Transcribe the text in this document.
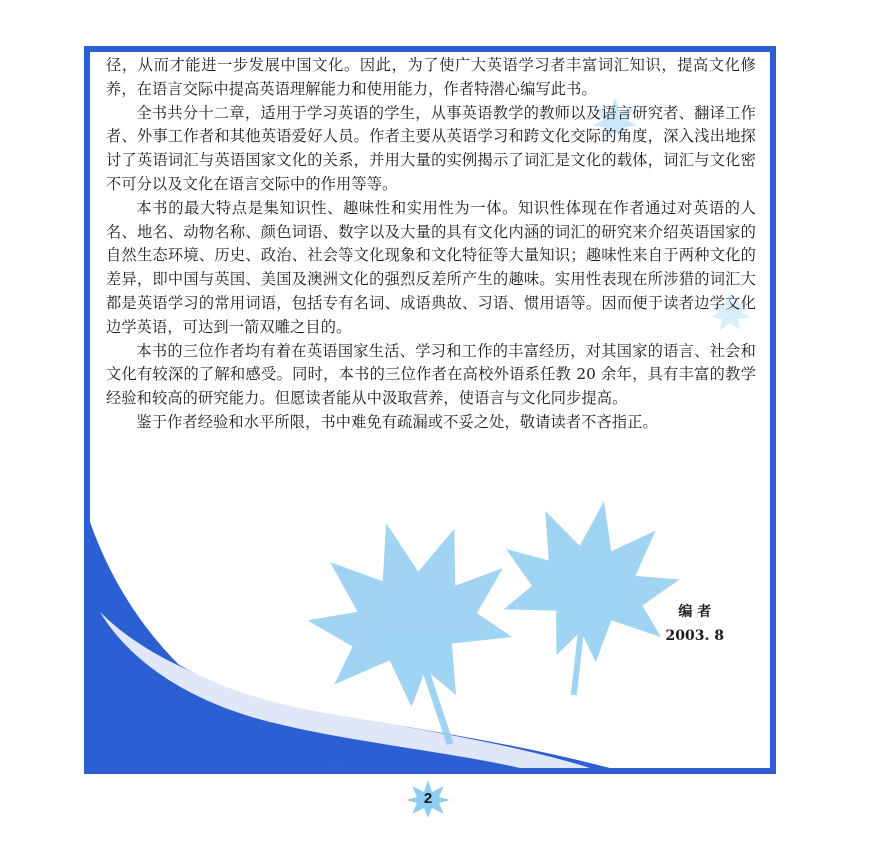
径，从而才能进一步发展中国文化。因此，为了使广大英语学习者丰富词汇知识，提高文化修养，在语言交际中提高英语理解能力和使用能力，作者特潜心编写此书。

全书共分十二章，适用于学习英语的学生，从事英语教学的教师以及语言研究者、翻译工作者、外事工作者和其他英语爱好人员。作者主要从英语学习和跨文化交际的角度，深入浅出地探讨了英语词汇与英语国家文化的关系，并用大量的实例揭示了词汇是文化的载体，词汇与文化密不可分以及文化在语言交际中的作用等等。

本书的最大特点是集知识性、趣味性和实用性为一体。知识性体现在作者通过对英语的人名、地名、动物名称、颜色词语、数字以及大量的具有文化内涵的词汇的研究来介绍英语国家的自然生态环境、历史、政治、社会等文化现象和文化特征等大量知识；趣味性来自于两种文化的差异，即中国与英国、美国及澳洲文化的强烈反差所产生的趣味。实用性表现在所涉猎的词汇大都是英语学习的常用词语，包括专有名词、成语典故、习语、惯用语等。因而便于读者边学文化边学英语，可达到一箭双雕之目的。

本书的三位作者均有着在英语国家生活、学习和工作的丰富经历，对其国家的语言、社会和文化有较深的了解和感受。同时，本书的三位作者在高校外语系任教 20 余年，具有丰富的教学经验和较高的研究能力。但愿读者能从中汲取营养，使语言与文化同步提高。

鉴于作者经验和水平所限，书中难免有疏漏或不妥之处，敬请读者不吝指正。

编 者
2003. 8
2
